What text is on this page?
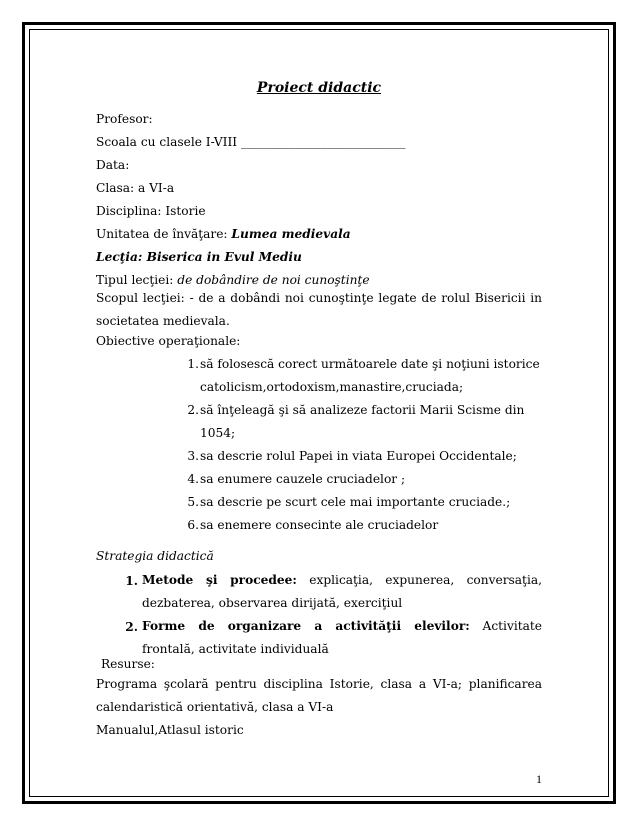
Proiect didactic
Profesor:
Scoala cu clasele I-VIII ___________________________
Data:
Clasa: a VI-a
Disciplina: Istorie
Unitatea de învăţare: Lumea medievala
Lecţia: Biserica in Evul Mediu
Tipul lecţiei: de dobândire de noi cunoştinţe
Scopul lecţiei: - de a dobândi noi cunoştinţe legate de rolul Bisericii in societatea medievala.
Obiective operaţionale:
1. să folosescă corect următoarele date şi noţiuni istorice
catolicism,ortodoxism,manastire,cruciada;
2. să înţeleagă şi să analizeze factorii Marii Scisme din
1054;
3. sa descrie rolul Papei in viata Europei Occidentale;
4. sa enumere cauzele cruciadelor ;
5. sa descrie pe scurt cele mai importante cruciade.;
6. sa enemere consecinte ale cruciadelor
Strategia didactică
1. Metode şi procedee: explicaţia, expunerea, conversaţia, dezbaterea, observarea dirijată, exerciţiul
2. Forme de organizare a activităţii elevilor: Activitate frontală, activitate individuală
Resurse:
Programa şcolară pentru disciplina Istorie, clasa a VI-a; planificarea calendaristică orientativă, clasa a VI-a
Manualul,Atlasul istoric
1
